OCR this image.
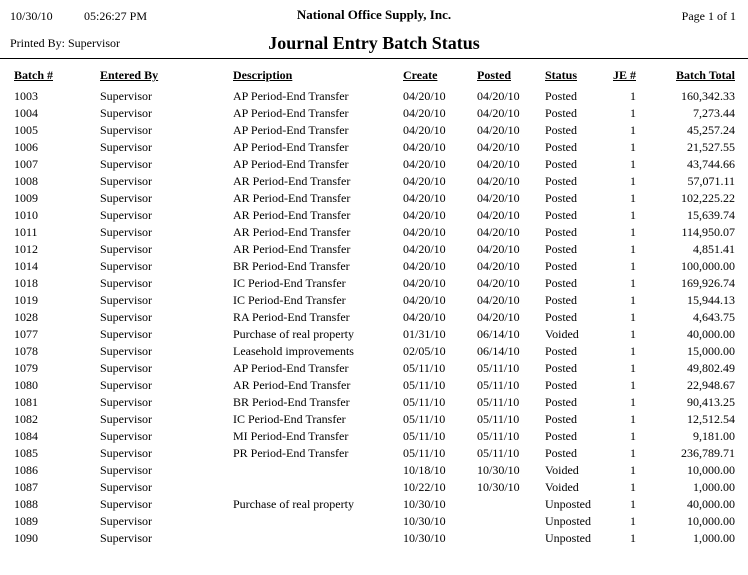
10/30/10	05:26:27 PM	National Office Supply, Inc.	Page 1 of 1
Printed By: Supervisor	Journal Entry Batch Status
Batch #	Entered By	Description	Create	Posted	Status	JE #	Batch Total
1003	Supervisor	AP Period-End Transfer	04/20/10	04/20/10	Posted	1	160,342.33
1004	Supervisor	AP Period-End Transfer	04/20/10	04/20/10	Posted	1	7,273.44
1005	Supervisor	AP Period-End Transfer	04/20/10	04/20/10	Posted	1	45,257.24
1006	Supervisor	AP Period-End Transfer	04/20/10	04/20/10	Posted	1	21,527.55
1007	Supervisor	AP Period-End Transfer	04/20/10	04/20/10	Posted	1	43,744.66
1008	Supervisor	AR Period-End Transfer	04/20/10	04/20/10	Posted	1	57,071.11
1009	Supervisor	AR Period-End Transfer	04/20/10	04/20/10	Posted	1	102,225.22
1010	Supervisor	AR Period-End Transfer	04/20/10	04/20/10	Posted	1	15,639.74
1011	Supervisor	AR Period-End Transfer	04/20/10	04/20/10	Posted	1	114,950.07
1012	Supervisor	AR Period-End Transfer	04/20/10	04/20/10	Posted	1	4,851.41
1014	Supervisor	BR Period-End Transfer	04/20/10	04/20/10	Posted	1	100,000.00
1018	Supervisor	IC Period-End Transfer	04/20/10	04/20/10	Posted	1	169,926.74
1019	Supervisor	IC Period-End Transfer	04/20/10	04/20/10	Posted	1	15,944.13
1028	Supervisor	RA Period-End Transfer	04/20/10	04/20/10	Posted	1	4,643.75
1077	Supervisor	Purchase of real property	01/31/10	06/14/10	Voided	1	40,000.00
1078	Supervisor	Leasehold improvements	02/05/10	06/14/10	Posted	1	15,000.00
1079	Supervisor	AP Period-End Transfer	05/11/10	05/11/10	Posted	1	49,802.49
1080	Supervisor	AR Period-End Transfer	05/11/10	05/11/10	Posted	1	22,948.67
1081	Supervisor	BR Period-End Transfer	05/11/10	05/11/10	Posted	1	90,413.25
1082	Supervisor	IC Period-End Transfer	05/11/10	05/11/10	Posted	1	12,512.54
1084	Supervisor	MI Period-End Transfer	05/11/10	05/11/10	Posted	1	9,181.00
1085	Supervisor	PR Period-End Transfer	05/11/10	05/11/10	Posted	1	236,789.71
1086	Supervisor		10/18/10	10/30/10	Voided	1	10,000.00
1087	Supervisor		10/22/10	10/30/10	Voided	1	1,000.00
1088	Supervisor	Purchase of real property	10/30/10		Unposted	1	40,000.00
1089	Supervisor		10/30/10		Unposted	1	10,000.00
1090	Supervisor		10/30/10		Unposted	1	1,000.00
